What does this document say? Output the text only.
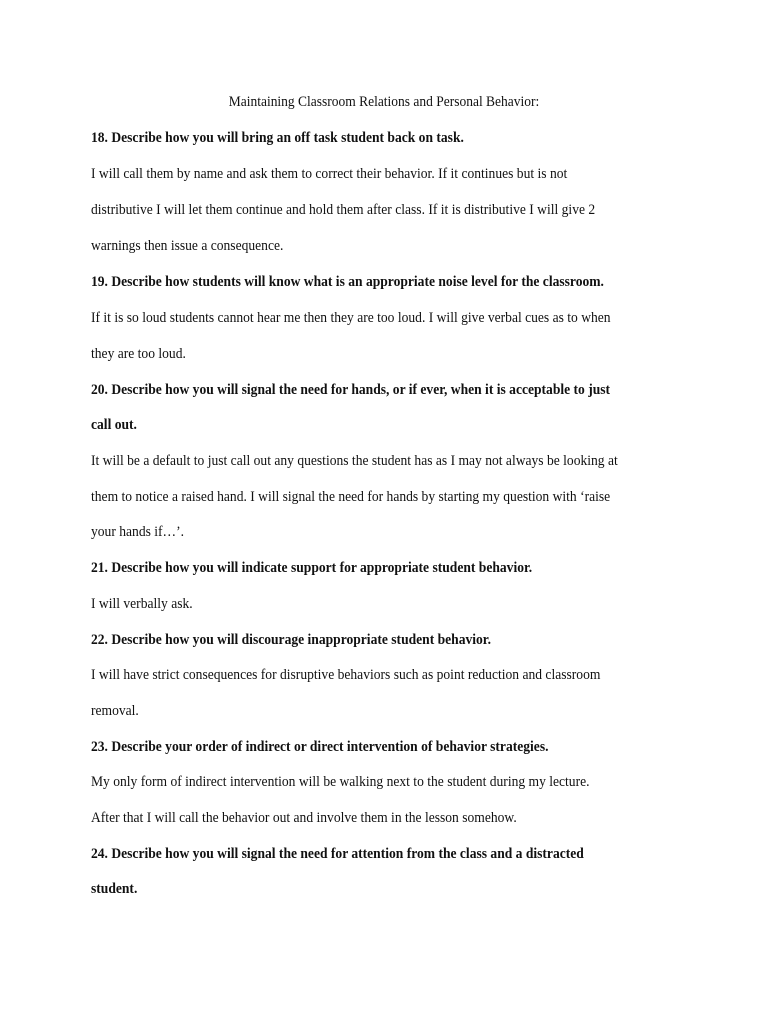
Maintaining Classroom Relations and Personal Behavior:
18. Describe how you will bring an off task student back on task.
I will call them by name and ask them to correct their behavior. If it continues but is not
distributive I will let them continue and hold them after class. If it is distributive I will give 2
warnings then issue a consequence.
19. Describe how students will know what is an appropriate noise level for the classroom.
If it is so loud students cannot hear me then they are too loud. I will give verbal cues as to when
they are too loud.
20. Describe how you will signal the need for hands, or if ever, when it is acceptable to just
call out.
It will be a default to just call out any questions the student has as I may not always be looking at
them to notice a raised hand. I will signal the need for hands by starting my question with ‘raise
your hands if…’.
21. Describe how you will indicate support for appropriate student behavior.
I will verbally ask.
22. Describe how you will discourage inappropriate student behavior.
I will have strict consequences for disruptive behaviors such as point reduction and classroom
removal.
23. Describe your order of indirect or direct intervention of behavior strategies.
My only form of indirect intervention will be walking next to the student during my lecture.
After that I will call the behavior out and involve them in the lesson somehow.
24. Describe how you will signal the need for attention from the class and a distracted
student.
